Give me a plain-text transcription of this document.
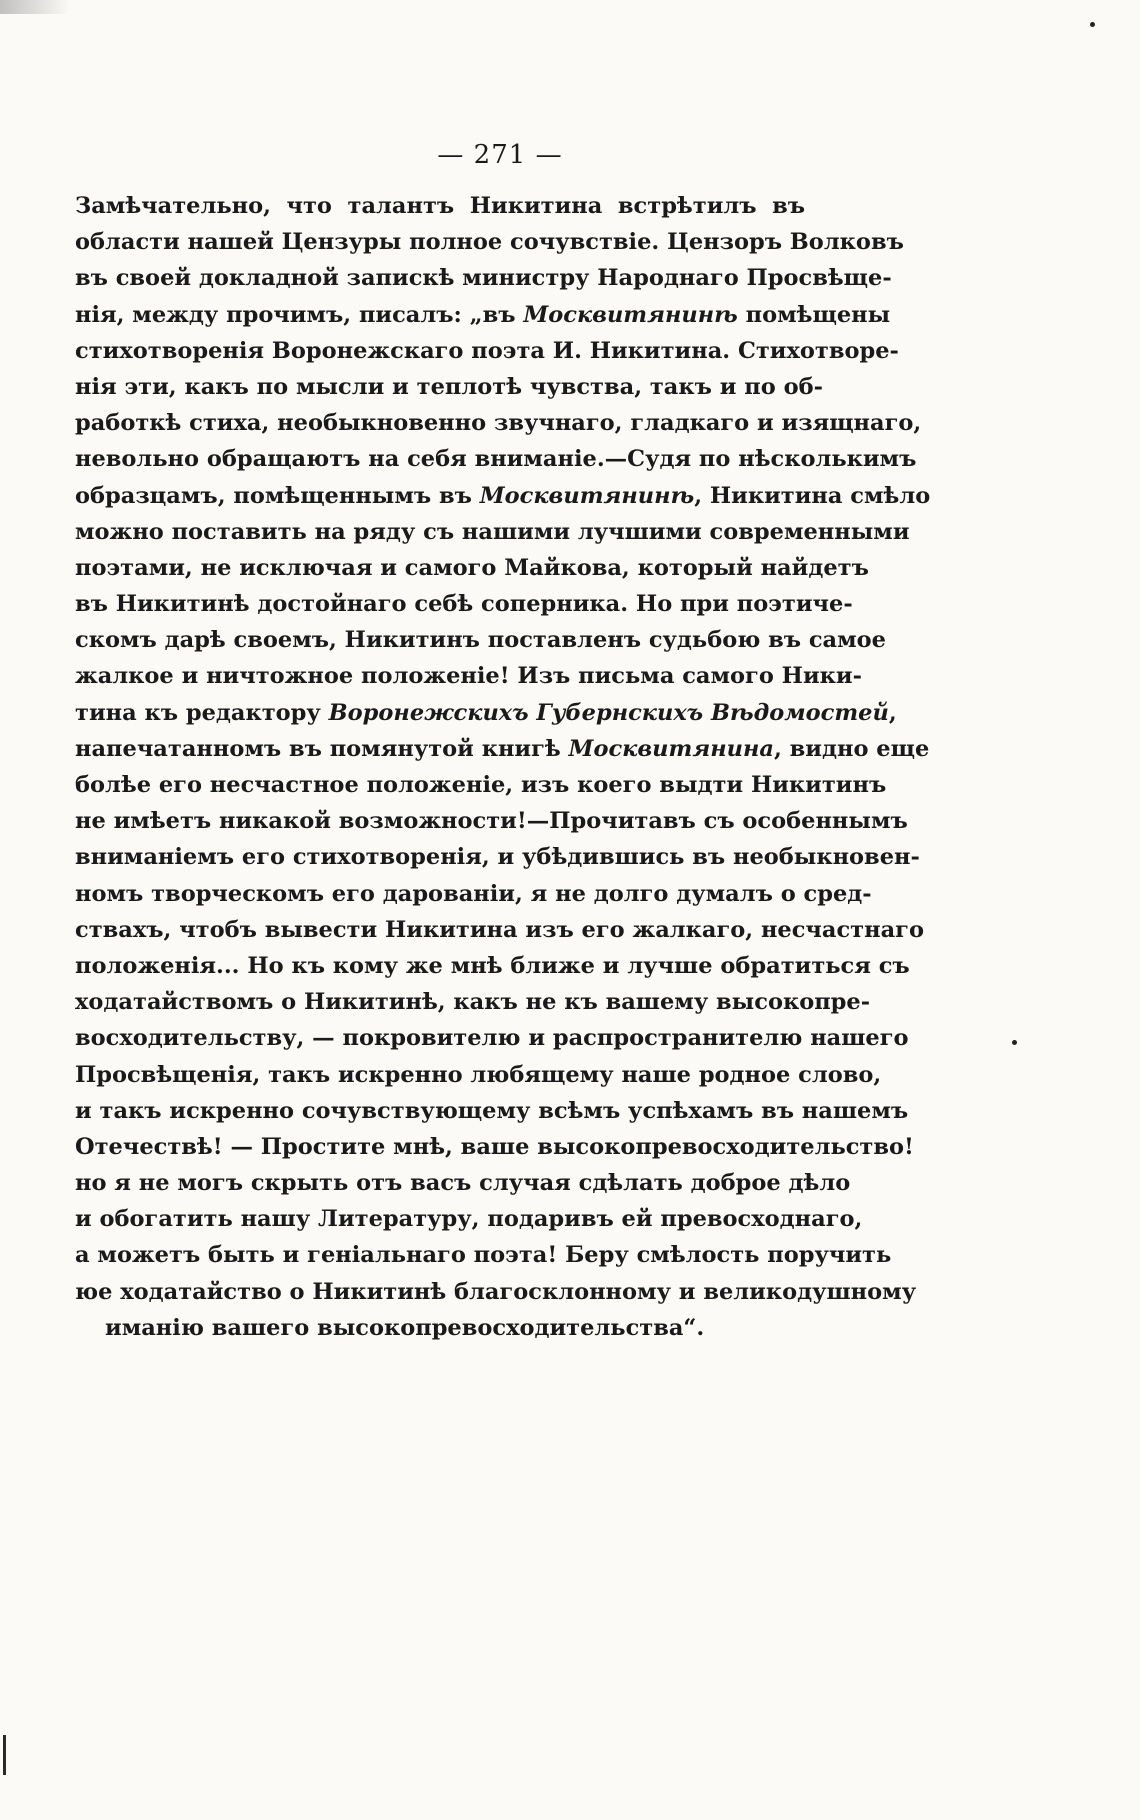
— 271 —
Замѣчательно, что талантъ Никитина встрѣтилъ въ
области нашей Цензуры полное сочувствіе. Цензоръ Волковъ
въ своей докладной запискѣ министру Народнаго Просвѣще-
нія, между прочимъ, писалъ: „въ Москвитянинѣ помѣщены
стихотворенія Воронежскаго поэта И. Никитина. Стихотворе-
нія эти, какъ по мысли и теплотѣ чувства, такъ и по об-
работкѣ стиха, необыкновенно звучнаго, гладкаго и изящнаго,
невольно обращаютъ на себя вниманіе.—Судя по нѣсколькимъ
образцамъ, помѣщеннымъ въ Москвитянинѣ, Никитина смѣло
можно поставить на ряду съ нашими лучшими современными
поэтами, не исключая и самого Майкова, который найдетъ
въ Никитинѣ достойнаго себѣ соперника. Но при поэтиче-
скомъ дарѣ своемъ, Никитинъ поставленъ судьбою въ самое
жалкое и ничтожное положеніе! Изъ письма самого Ники-
тина къ редактору Воронежскихъ Губернскихъ Вѣдомостей,
напечатанномъ въ помянутой книгѣ Москвитянина, видно еще
болѣе его несчастное положеніе, изъ коего выдти Никитинъ
не имѣетъ никакой возможности!—Прочитавъ съ особеннымъ
вниманіемъ его стихотворенія, и убѣдившись въ необыкновен-
номъ творческомъ его дарованіи, я не долго думалъ о сред-
ствахъ, чтобъ вывести Никитина изъ его жалкаго, несчастнаго
положенія... Но къ кому же мнѣ ближе и лучше обратиться съ
ходатайствомъ о Никитинѣ, какъ не къ вашему высокопре-
восходительству, — покровителю и распространителю нашего
Просвѣщенія, такъ искренно любящему наше родное слово,
и такъ искренно сочувствующему всѣмъ успѣхамъ въ нашемъ
Отечествѣ! — Простите мнѣ, ваше высокопревосходительство!
но я не могъ скрыть отъ васъ случая сдѣлать доброе дѣло
и обогатить нашу Литературу, подаривъ ей превосходнаго,
а можетъ быть и геніальнаго поэта! Беру смѣлость поручить
юе ходатайство о Никитинѣ благосклонному и великодушному
иманію вашего высокопревосходительства“.
